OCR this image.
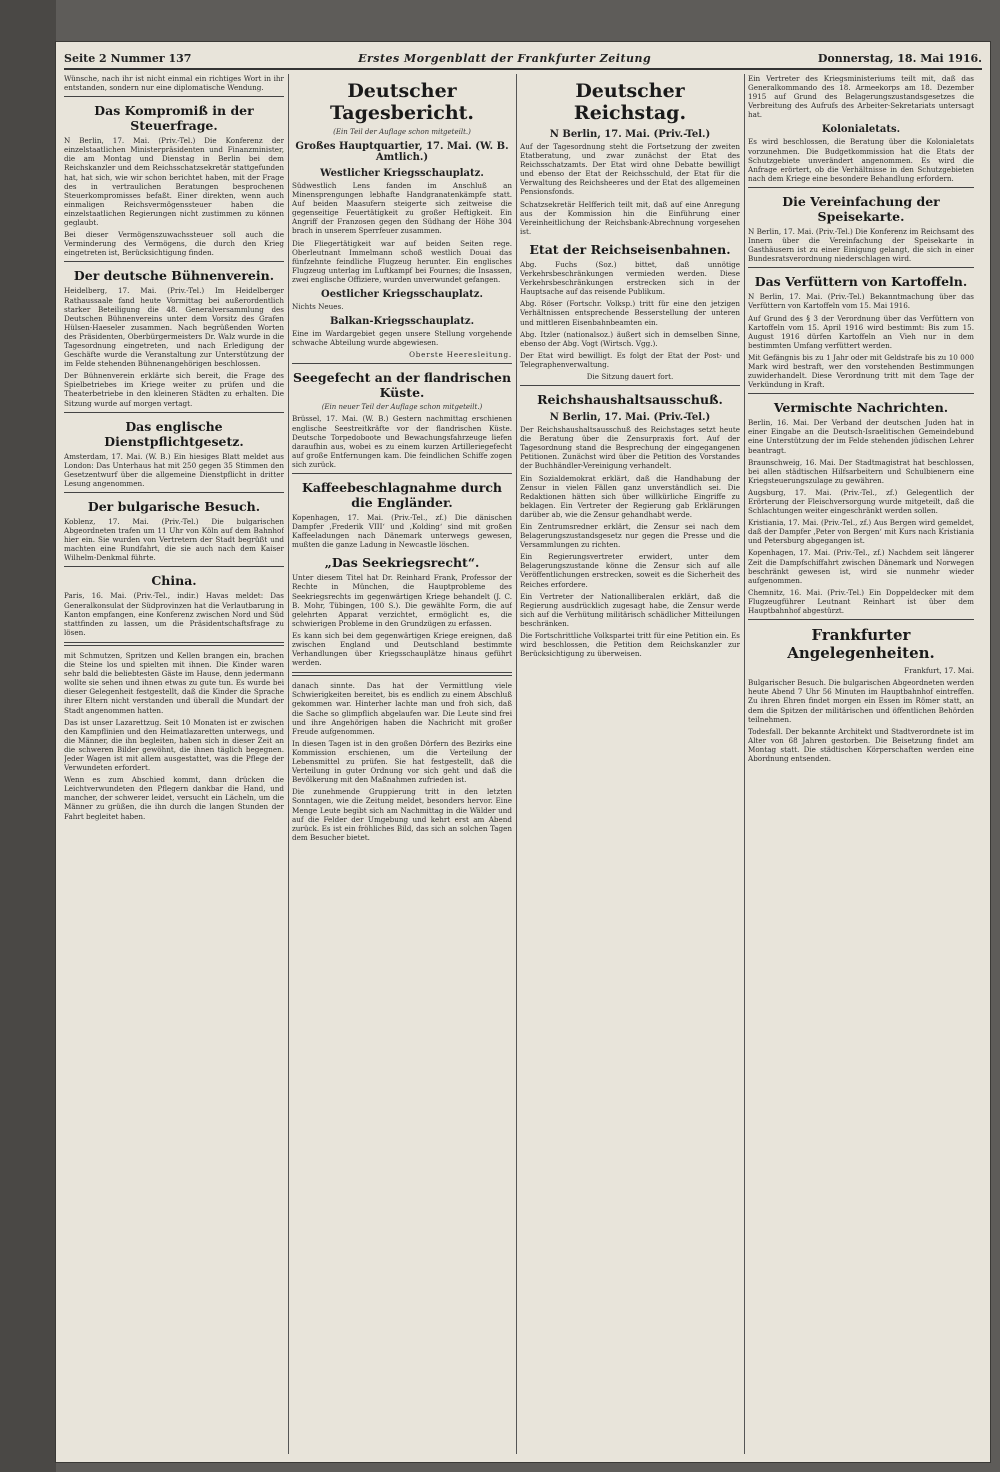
Seite 2 Nummer 137	Erstes Morgenblatt der Frankfurter Zeitung	Donnerstag, 18. Mai 1916.

Wünsche, nach ihr ist nicht einmal ein richtiges Wort in ihr entstanden, sondern nur eine diplomatische Wendung.

Das Kompromiß in der Steuerfrage.

N Berlin, 17. Mai. (Priv.-Tel.) Die Konferenz der einzelstaatlichen Ministerpräsidenten und Finanzminister, die am Montag und Dienstag in Berlin bei dem Reichskanzler und dem Reichsschatzsekretär stattgefunden hat, hat sich, wie wir schon berichtet haben, mit der Frage des in vertraulichen Beratungen besprochenen Steuerkompromisses befaßt. Einer direkten, wenn auch einmaligen Reichsvermögenssteuer haben die einzelstaatlichen Regierungen nicht zustimmen zu können geglaubt.

Bei dieser Vermögenszuwachssteuer soll auch die Verminderung des Vermögens, die durch den Krieg eingetreten ist, Berücksichtigung finden.

Der deutsche Bühnenverein.

Heidelberg, 17. Mai. (Priv.-Tel.) Im Heidelberger Rathaussaale fand heute Vormittag bei außerordentlich starker Beteiligung die 48. Generalversammlung des Deutschen Bühnenvereins unter dem Vorsitz des Grafen Hülsen-Haeseler zusammen. Nach begrüßenden Worten des Präsidenten, Oberbürgermeisters Dr. Walz wurde in die Tagesordnung eingetreten, und nach Erledigung der Geschäfte wurde die Veranstaltung zur Unterstützung der im Felde stehenden Bühnenangehörigen beschlossen.

Der Bühnenverein erklärte sich bereit, die Frage des Spielbetriebes im Kriege weiter zu prüfen und die Theaterbetriebe in den kleineren Städten zu erhalten. Die Sitzung wurde auf morgen vertagt.

Das englische Dienstpflichtgesetz.

Amsterdam, 17. Mai. (W. B.) Ein hiesiges Blatt meldet aus London: Das Unterhaus hat mit 250 gegen 35 Stimmen den Gesetzentwurf über die allgemeine Dienstpflicht in dritter Lesung angenommen.

Der bulgarische Besuch.

Koblenz, 17. Mai. (Priv.-Tel.) Die bulgarischen Abgeordneten trafen um 11 Uhr von Köln auf dem Bahnhof hier ein. Sie wurden von Vertretern der Stadt begrüßt und machten eine Rundfahrt, die sie auch nach dem Kaiser Wilhelm-Denkmal führte.

China.

Paris, 16. Mai. (Priv.-Tel., indir.) Havas meldet: Das Generalkonsulat der Südprovinzen hat die Verlautbarung in Kanton empfangen, eine Konferenz zwischen Nord und Süd stattfinden zu lassen, um die Präsidentschaftsfrage zu lösen.

mit Schmutzen, Spritzen und Kellen brangen ein, brachen die Steine los und spielten mit ihnen. Die Kinder waren sehr bald die beliebtesten Gäste im Hause, denn jedermann wollte sie sehen und ihnen etwas zu gute tun. Es wurde bei dieser Gelegenheit festgestellt, daß die Kinder die Sprache ihrer Eltern nicht verstanden und überall die Mundart der Stadt angenommen hatten.

Das ist unser Lazarettzug. Seit 10 Monaten ist er zwischen den Kampflinien und den Heimatlazaretten unterwegs, und die Männer, die ihn begleiten, haben sich in dieser Zeit an die schweren Bilder gewöhnt, die ihnen täglich begegnen. Jeder Wagen ist mit allem ausgestattet, was die Pflege der Verwundeten erfordert.

Wenn es zum Abschied kommt, dann drücken die Leichtverwundeten den Pflegern dankbar die Hand, und mancher, der schwerer leidet, versucht ein Lächeln, um die Männer zu grüßen, die ihn durch die langen Stunden der Fahrt begleitet haben.

Deutscher Tagesbericht.
(Ein Teil der Auflage schon mitgeteilt.)
Großes Hauptquartier, 17. Mai. (W. B. Amtlich.)
Westlicher Kriegsschauplatz.

Südwestlich Lens fanden im Anschluß an Minensprengungen lebhafte Handgranatenkämpfe statt. Auf beiden Maasufern steigerte sich zeitweise die gegenseitige Feuertätigkeit zu großer Heftigkeit. Ein Angriff der Franzosen gegen den Südhang der Höhe 304 brach in unserem Sperrfeuer zusammen.

Die Fliegertätigkeit war auf beiden Seiten rege. Oberleutnant Immelmann schoß westlich Douai das fünfzehnte feindliche Flugzeug herunter. Ein englisches Flugzeug unterlag im Luftkampf bei Fournes; die Insassen, zwei englische Offiziere, wurden unverwundet gefangen.

Oestlicher Kriegsschauplatz.

Nichts Neues.

Balkan-Kriegsschauplatz.

Eine im Wardargebiet gegen unsere Stellung vorgehende schwache Abteilung wurde abgewiesen.

Oberste Heeresleitung.

Seegefecht an der flandrischen Küste.
(Ein neuer Teil der Auflage schon mitgeteilt.)

Brüssel, 17. Mai. (W. B.) Gestern nachmittag erschienen englische Seestreitkräfte vor der flandrischen Küste. Deutsche Torpedoboote und Bewachungsfahrzeuge liefen daraufhin aus, wobei es zu einem kurzen Artilleriegefecht auf große Entfernungen kam. Die feindlichen Schiffe zogen sich zurück.

Kaffeebeschlagnahme durch die Engländer.

Kopenhagen, 17. Mai. (Priv.-Tel., zf.) Die dänischen Dampfer ‚Frederik VIII‘ und ‚Kolding‘ sind mit großen Kaffeeladungen nach Dänemark unterwegs gewesen, mußten die ganze Ladung in Newcastle löschen.

„Das Seekriegsrecht“.

Unter diesem Titel hat Dr. Reinhard Frank, Professor der Rechte in München, die Hauptprobleme des Seekriegsrechts im gegenwärtigen Kriege behandelt (J. C. B. Mohr, Tübingen, 100 S.). Die gewählte Form, die auf gelehrten Apparat verzichtet, ermöglicht es, die schwierigen Probleme in den Grundzügen zu erfassen.

Es kann sich bei dem gegenwärtigen Kriege ereignen, daß zwischen England und Deutschland bestimmte Verhandlungen über Kriegsschauplätze hinaus geführt werden.

danach sinnte. Das hat der Vermittlung viele Schwierigkeiten bereitet, bis es endlich zu einem Abschluß gekommen war. Hinterher lachte man und froh sich, daß die Sache so glimpflich abgelaufen war. Die Leute sind frei und ihre Angehörigen haben die Nachricht mit großer Freude aufgenommen.

In diesen Tagen ist in den großen Dörfern des Bezirks eine Kommission erschienen, um die Verteilung der Lebensmittel zu prüfen. Sie hat festgestellt, daß die Verteilung in guter Ordnung vor sich geht und daß die Bevölkerung mit den Maßnahmen zufrieden ist.

Die zunehmende Gruppierung tritt in den letzten Sonntagen, wie die Zeitung meldet, besonders hervor. Eine Menge Leute begibt sich am Nachmittag in die Wälder und auf die Felder der Umgebung und kehrt erst am Abend zurück. Es ist ein fröhliches Bild, das sich an solchen Tagen dem Besucher bietet.

Deutscher Reichstag.
N Berlin, 17. Mai. (Priv.-Tel.)

Auf der Tagesordnung steht die Fortsetzung der zweiten Etatberatung, und zwar zunächst der Etat des Reichsschatzamts. Der Etat wird ohne Debatte bewilligt und ebenso der Etat der Reichsschuld, der Etat für die Verwaltung des Reichsheeres und der Etat des allgemeinen Pensionsfonds.

Schatzsekretär Helfferich teilt mit, daß auf eine Anregung aus der Kommission hin die Einführung einer Vereinheitlichung der Reichsbank-Abrechnung vorgesehen ist.

Etat der Reichseisenbahnen.

Abg. Fuchs (Soz.) bittet, daß unnötige Verkehrsbeschränkungen vermieden werden. Diese Verkehrsbeschränkungen erstrecken sich in der Hauptsache auf das reisende Publikum.

Abg. Röser (Fortschr. Volksp.) tritt für eine den jetzigen Verhältnissen entsprechende Besserstellung der unteren und mittleren Eisenbahnbeamten ein.

Abg. Itzler (nationalsoz.) äußert sich in demselben Sinne, ebenso der Abg. Vogt (Wirtsch. Vgg.).

Der Etat wird bewilligt. Es folgt der Etat der Post- und Telegraphenverwaltung.

Die Sitzung dauert fort.

Reichshaushaltsausschuß.
N Berlin, 17. Mai. (Priv.-Tel.)

Der Reichshaushaltsausschuß des Reichstages setzt heute die Beratung über die Zensurpraxis fort. Auf der Tagesordnung stand die Besprechung der eingegangenen Petitionen. Zunächst wird über die Petition des Vorstandes der Buchhändler-Vereinigung verhandelt.

Ein Sozialdemokrat erklärt, daß die Handhabung der Zensur in vielen Fällen ganz unverständlich sei. Die Redaktionen hätten sich über willkürliche Eingriffe zu beklagen. Ein Vertreter der Regierung gab Erklärungen darüber ab, wie die Zensur gehandhabt werde.

Ein Zentrumsredner erklärt, die Zensur sei nach dem Belagerungszustandsgesetz nur gegen die Presse und die Versammlungen zu richten.

Ein Regierungsvertreter erwidert, unter dem Belagerungszustande könne die Zensur sich auf alle Veröffentlichungen erstrecken, soweit es die Sicherheit des Reiches erfordere.

Ein Vertreter der Nationalliberalen erklärt, daß die Regierung ausdrücklich zugesagt habe, die Zensur werde sich auf die Verhütung militärisch schädlicher Mitteilungen beschränken.

Die Fortschrittliche Volkspartei tritt für eine Petition ein. Es wird beschlossen, die Petition dem Reichskanzler zur Berücksichtigung zu überweisen.

Ein Vertreter des Kriegsministeriums teilt mit, daß das Generalkommando des 18. Armeekorps am 18. Dezember 1915 auf Grund des Belagerungszustandsgesetzes die Verbreitung des Aufrufs des Arbeiter-Sekretariats untersagt hat.

Kolonialetats.

Es wird beschlossen, die Beratung über die Kolonialetats vorzunehmen. Die Budgetkommission hat die Etats der Schutzgebiete unverändert angenommen. Es wird die Anfrage erörtert, ob die Verhältnisse in den Schutzgebieten nach dem Kriege eine besondere Behandlung erfordern.

Die Vereinfachung der Speisekarte.

N Berlin, 17. Mai. (Priv.-Tel.) Die Konferenz im Reichsamt des Innern über die Vereinfachung der Speisekarte in Gasthäusern ist zu einer Einigung gelangt, die sich in einer Bundesratsverordnung niederschlagen wird.

Das Verfüttern von Kartoffeln.

N Berlin, 17. Mai. (Priv.-Tel.) Bekanntmachung über das Verfüttern von Kartoffeln vom 15. Mai 1916.

Auf Grund des § 3 der Verordnung über das Verfüttern von Kartoffeln vom 15. April 1916 wird bestimmt: Bis zum 15. August 1916 dürfen Kartoffeln an Vieh nur in dem bestimmten Umfang verfüttert werden.

Mit Gefängnis bis zu 1 Jahr oder mit Geldstrafe bis zu 10 000 Mark wird bestraft, wer den vorstehenden Bestimmungen zuwiderhandelt. Diese Verordnung tritt mit dem Tage der Verkündung in Kraft.

Vermischte Nachrichten.

Berlin, 16. Mai. Der Verband der deutschen Juden hat in einer Eingabe an die Deutsch-Israelitischen Gemeindebund eine Unterstützung der im Felde stehenden jüdischen Lehrer beantragt.

Braunschweig, 16. Mai. Der Stadtmagistrat hat beschlossen, bei allen städtischen Hilfsarbeitern und Schulbienern eine Kriegsteuerungszulage zu gewähren.

Augsburg, 17. Mai. (Priv.-Tel., zf.) Gelegentlich der Erörterung der Fleischversorgung wurde mitgeteilt, daß die Schlachtungen weiter eingeschränkt werden sollen.

Kristiania, 17. Mai. (Priv.-Tel., zf.) Aus Bergen wird gemeldet, daß der Dampfer ‚Peter von Bergen‘ mit Kurs nach Kristiania und Petersburg abgegangen ist.

Kopenhagen, 17. Mai. (Priv.-Tel., zf.) Nachdem seit längerer Zeit die Dampfschiffahrt zwischen Dänemark und Norwegen beschränkt gewesen ist, wird sie nunmehr wieder aufgenommen.

Chemnitz, 16. Mai. (Priv.-Tel.) Ein Doppeldecker mit dem Flugzeugführer Leutnant Reinhart ist über dem Hauptbahnhof abgestürzt.

Frankfurter Angelegenheiten.

Frankfurt, 17. Mai.

Bulgarischer Besuch. Die bulgarischen Abgeordneten werden heute Abend 7 Uhr 56 Minuten im Hauptbahnhof eintreffen. Zu ihren Ehren findet morgen ein Essen im Römer statt, an dem die Spitzen der militärischen und öffentlichen Behörden teilnehmen.

Todesfall. Der bekannte Architekt und Stadtverordnete ist im Alter von 68 Jahren gestorben. Die Beisetzung findet am Montag statt. Die städtischen Körperschaften werden eine Abordnung entsenden.
